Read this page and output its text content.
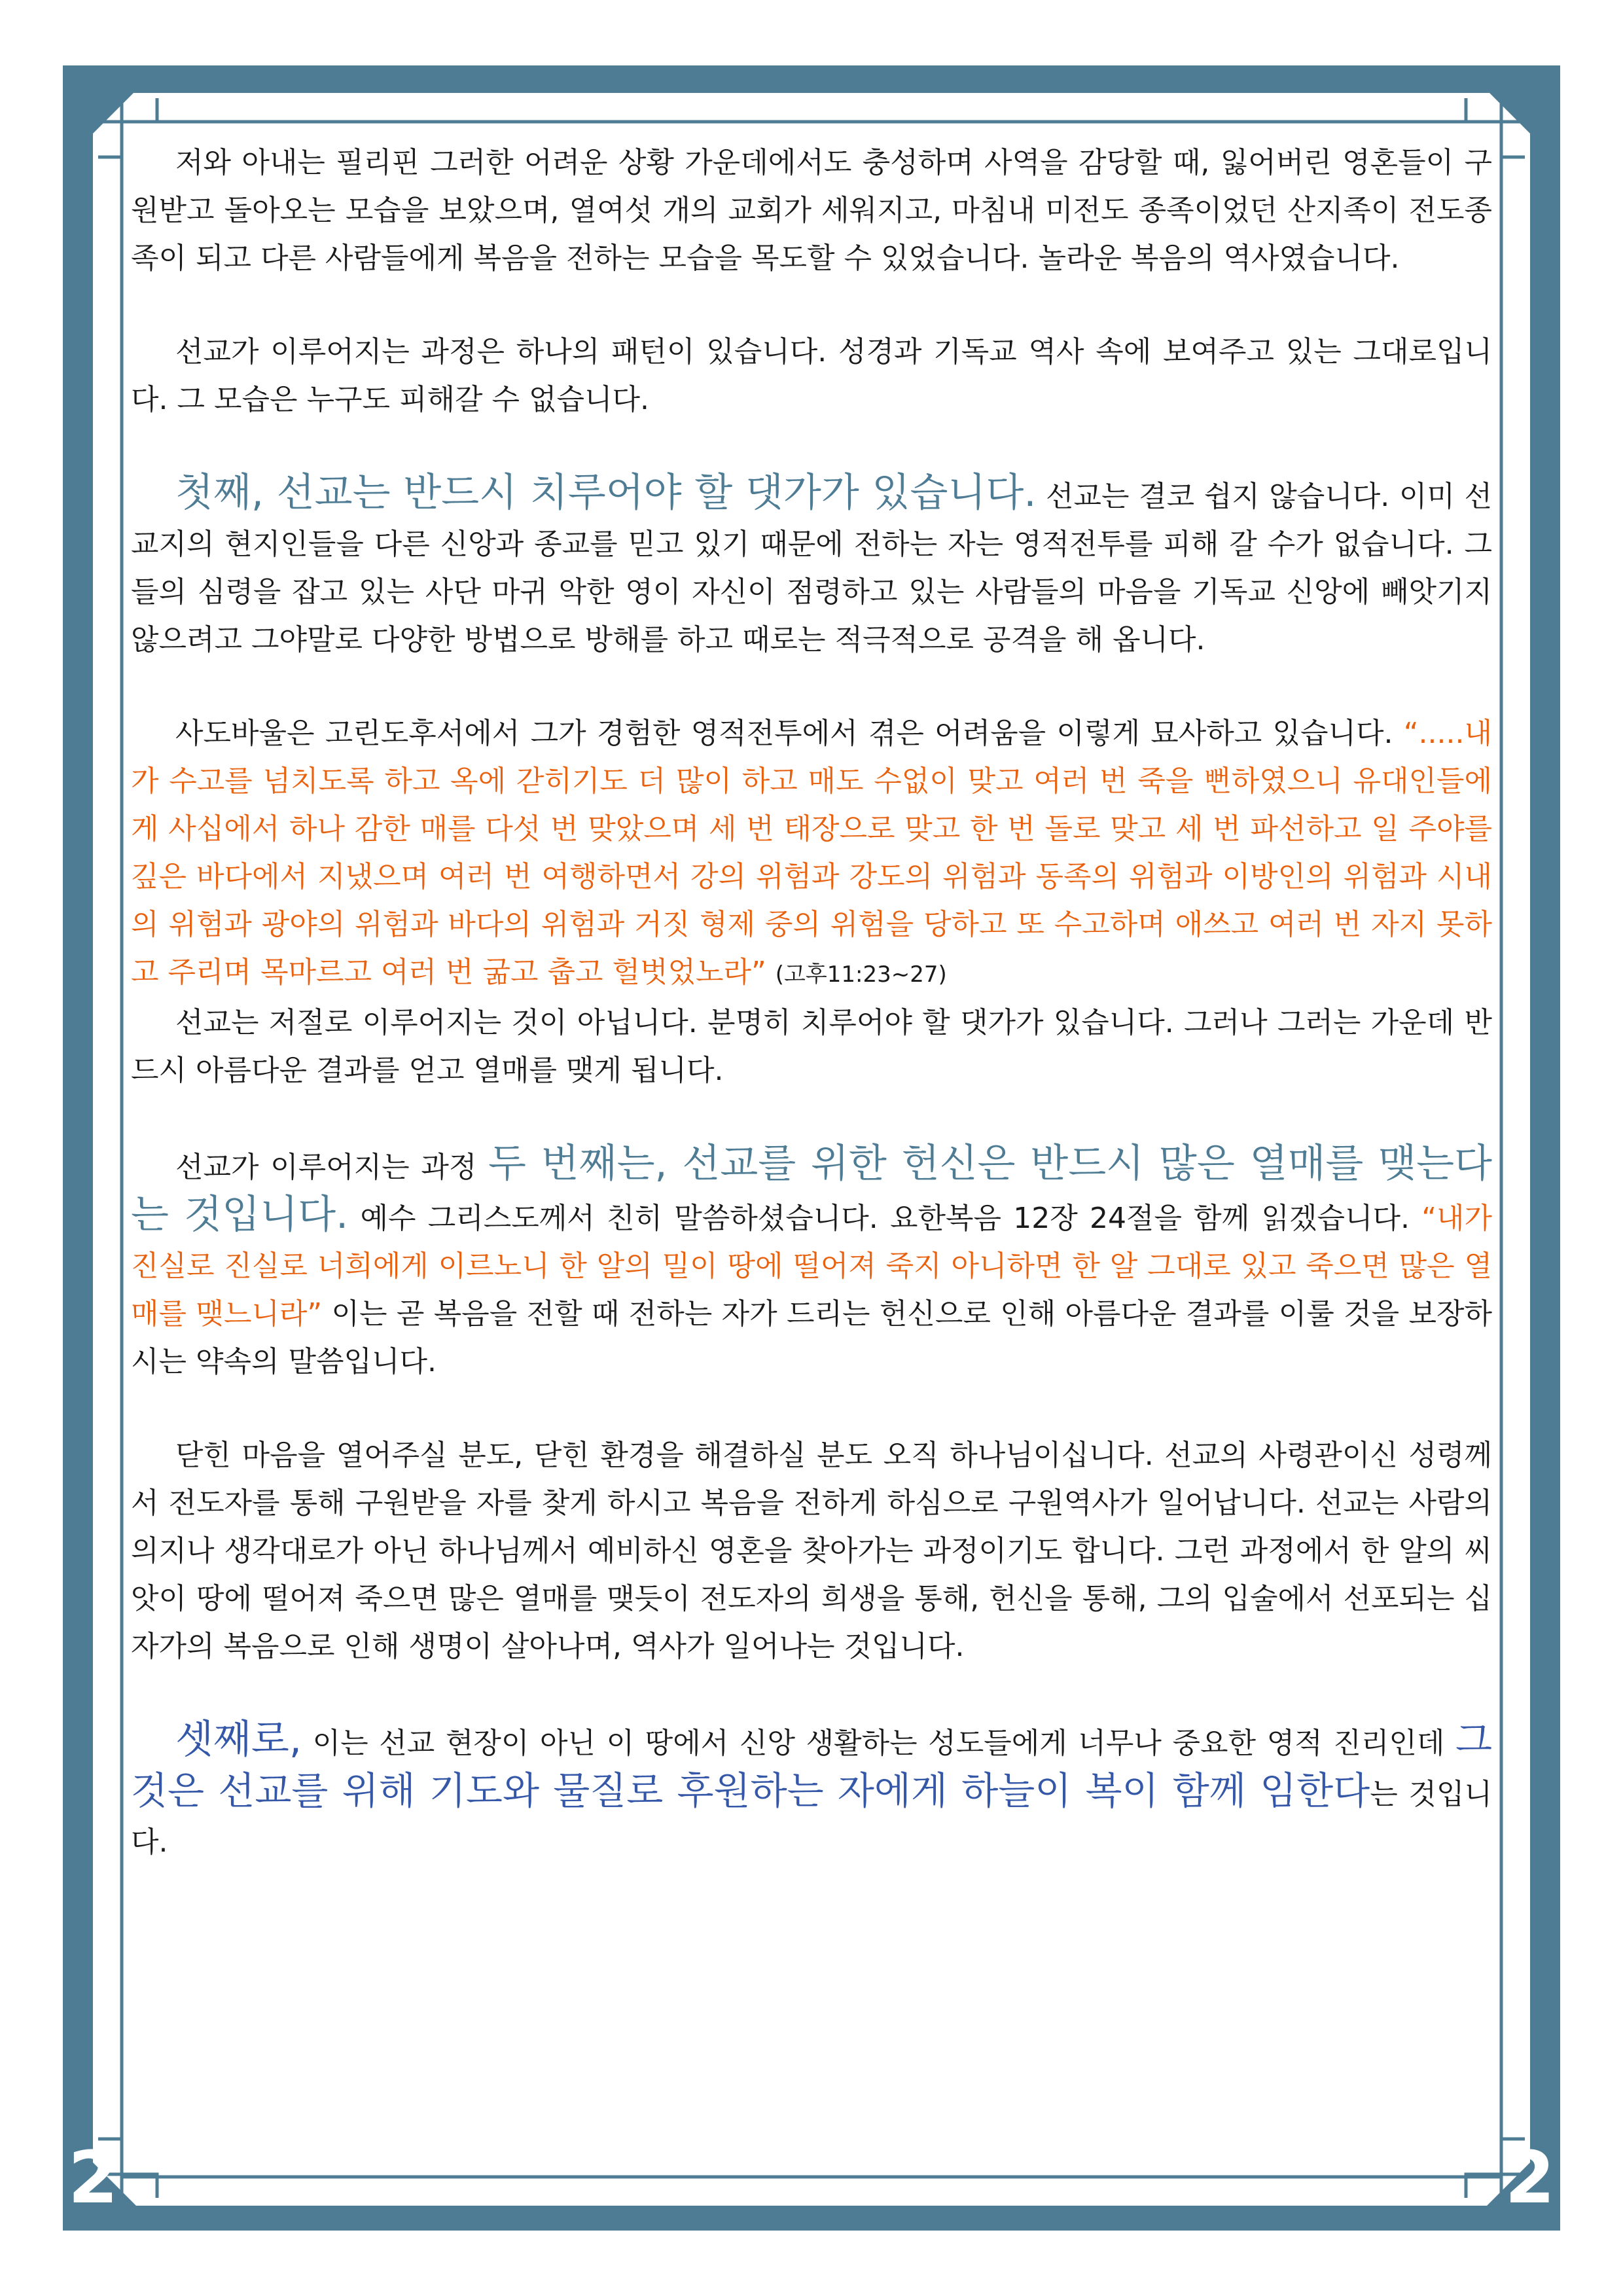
2	2

저와 아내는 필리핀 그러한 어려운 상황 가운데에서도 충성하며 사역을 감당할 때, 잃어버린 영혼들이 구원받고 돌아오는 모습을 보았으며, 열여섯 개의 교회가 세워지고, 마침내 미전도 종족이었던 산지족이 전도종족이 되고 다른 사람들에게 복음을 전하는 모습을 목도할 수 있었습니다. 놀라운 복음의 역사였습니다.

선교가 이루어지는 과정은 하나의 패턴이 있습니다. 성경과 기독교 역사 속에 보여주고 있는 그대로입니다. 그 모습은 누구도 피해갈 수 없습니다.

첫째, 선교는 반드시 치루어야 할 댓가가 있습니다. 선교는 결코 쉽지 않습니다. 이미 선교지의 현지인들을 다른 신앙과 종교를 믿고 있기 때문에 전하는 자는 영적전투를 피해 갈 수가 없습니다. 그들의 심령을 잡고 있는 사단 마귀 악한 영이 자신이 점령하고 있는 사람들의 마음을 기독교 신앙에 빼앗기지 않으려고 그야말로 다양한 방법으로 방해를 하고 때로는 적극적으로 공격을 해 옵니다.

사도바울은 고린도후서에서 그가 경험한 영적전투에서 겪은 어려움을 이렇게 묘사하고 있습니다. “.....내가 수고를 넘치도록 하고 옥에 갇히기도 더 많이 하고 매도 수없이 맞고 여러 번 죽을 뻔하였으니 유대인들에게 사십에서 하나 감한 매를 다섯 번 맞았으며 세 번 태장으로 맞고 한 번 돌로 맞고 세 번 파선하고 일 주야를 깊은 바다에서 지냈으며 여러 번 여행하면서 강의 위험과 강도의 위험과 동족의 위험과 이방인의 위험과 시내의 위험과 광야의 위험과 바다의 위험과 거짓 형제 중의 위험을 당하고 또 수고하며 애쓰고 여러 번 자지 못하고 주리며 목마르고 여러 번 굶고 춥고 헐벗었노라” (고후11:23~27)

선교는 저절로 이루어지는 것이 아닙니다. 분명히 치루어야 할 댓가가 있습니다. 그러나 그러는 가운데 반드시 아름다운 결과를 얻고 열매를 맺게 됩니다.

선교가 이루어지는 과정 두 번째는, 선교를 위한 헌신은 반드시 많은 열매를 맺는다는 것입니다. 예수 그리스도께서 친히 말씀하셨습니다. 요한복음 12장 24절을 함께 읽겠습니다. “내가 진실로 진실로 너희에게 이르노니 한 알의 밀이 땅에 떨어져 죽지 아니하면 한 알 그대로 있고 죽으면 많은 열매를 맺느니라” 이는 곧 복음을 전할 때 전하는 자가 드리는 헌신으로 인해 아름다운 결과를 이룰 것을 보장하시는 약속의 말씀입니다.

닫힌 마음을 열어주실 분도, 닫힌 환경을 해결하실 분도 오직 하나님이십니다. 선교의 사령관이신 성령께서 전도자를 통해 구원받을 자를 찾게 하시고 복음을 전하게 하심으로 구원역사가 일어납니다. 선교는 사람의 의지나 생각대로가 아닌 하나님께서 예비하신 영혼을 찾아가는 과정이기도 합니다. 그런 과정에서 한 알의 씨앗이 땅에 떨어져 죽으면 많은 열매를 맺듯이 전도자의 희생을 통해, 헌신을 통해, 그의 입술에서 선포되는 십자가의 복음으로 인해 생명이 살아나며, 역사가 일어나는 것입니다.

셋째로, 이는 선교 현장이 아닌 이 땅에서 신앙 생활하는 성도들에게 너무나 중요한 영적 진리인데 그것은 선교를 위해 기도와 물질로 후원하는 자에게 하늘이 복이 함께 임한다는 것입니다.
